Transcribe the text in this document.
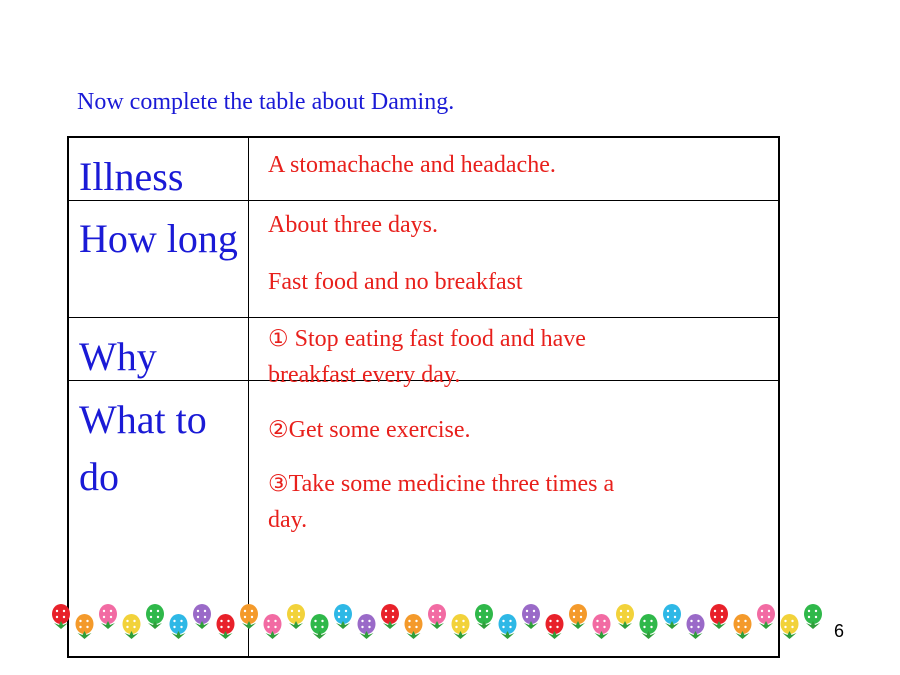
Now complete the table about Daming.
Illness
How long
Why
What to do
A stomachache and headache.
About three days.
Fast food and no breakfast
① Stop eating fast food and have
breakfast every day.
②Get some exercise.
③Take some medicine three times a
day.
6
